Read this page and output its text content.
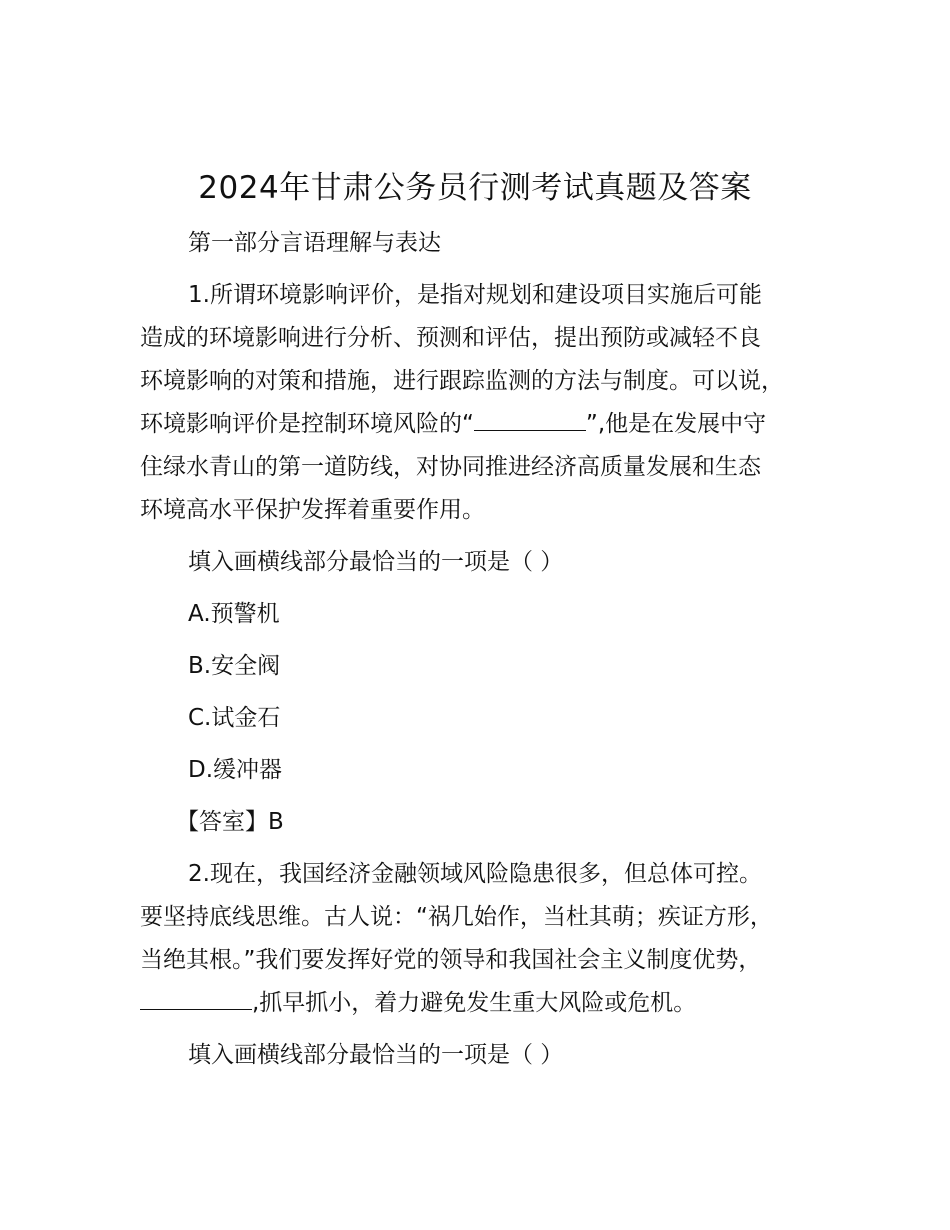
2024年甘肃公务员行测考试真题及答案

第一部分言语理解与表达

1.所谓环境影响评价，是指对规划和建设项目实施后可能

造成的环境影响进行分析、预测和评估，提出预防或减轻不良

环境影响的对策和措施，进行跟踪监测的方法与制度。可以说，

环境影响评价是控制环境风险的“	”,他是在发展中守

住绿水青山的第一道防线，对协同推进经济高质量发展和生态

环境高水平保护发挥着重要作用。

填入画横线部分最恰当的一项是（ ）

A.预警机

B.安全阀

C.试金石

D.缓冲器

【答室】B

2.现在，我国经济金融领域风险隐患很多，但总体可控。

要坚持底线思维。古人说：“祸几始作，当杜其萌；疾证方形，

当绝其根。”我们要发挥好党的领导和我国社会主义制度优势，

,抓早抓小，着力避免发生重大风险或危机。

填入画横线部分最恰当的一项是（ ）
